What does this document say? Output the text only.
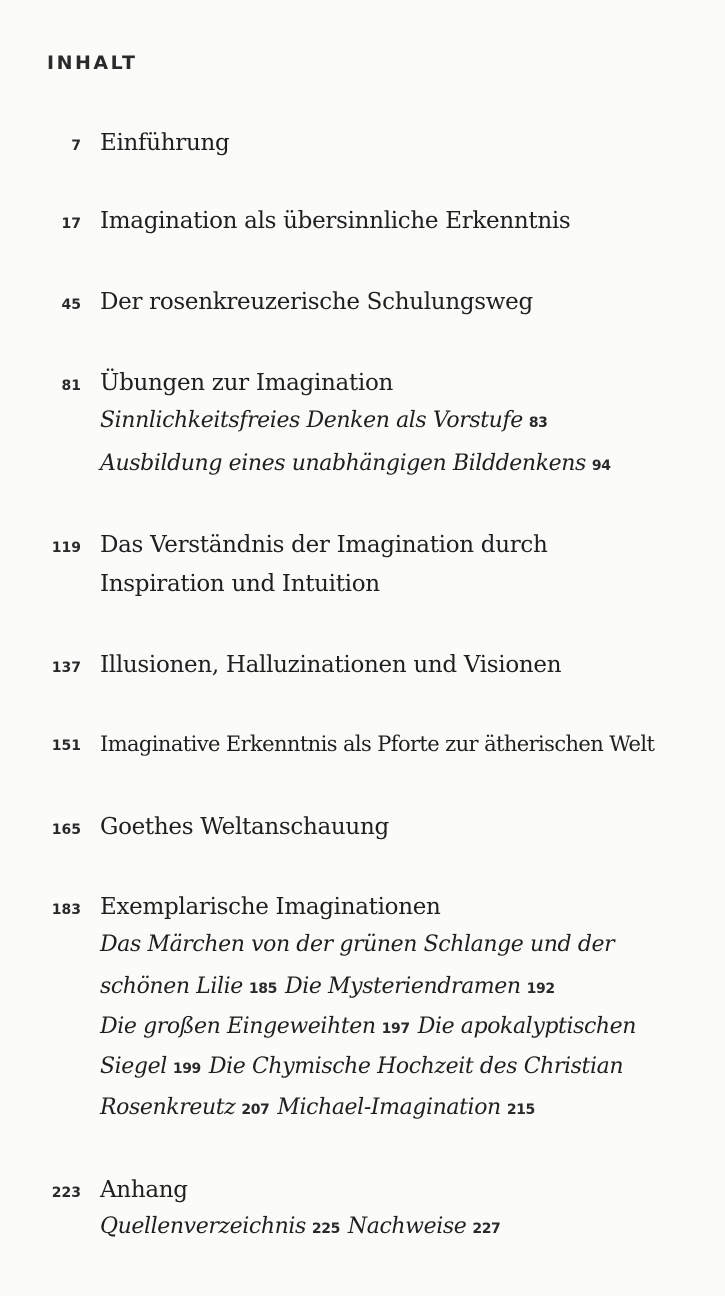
INHALT
7 Einführung
17 Imagination als übersinnliche Erkenntnis
45 Der rosenkreuzerische Schulungsweg
81 Übungen zur Imagination
Sinnlichkeitsfreies Denken als Vorstufe 83
Ausbildung eines unabhängigen Bilddenkens 94
119 Das Verständnis der Imagination durch
Inspiration und Intuition
137 Illusionen, Halluzinationen und Visionen
151 Imaginative Erkenntnis als Pforte zur ätherischen Welt
165 Goethes Weltanschauung
183 Exemplarische Imaginationen
Das Märchen von der grünen Schlange und der
schönen Lilie 185 Die Mysteriendramen 192
Die großen Eingeweihten 197 Die apokalyptischen
Siegel 199 Die Chymische Hochzeit des Christian
Rosenkreutz 207 Michael-Imagination 215
223 Anhang
Quellenverzeichnis 225 Nachweise 227
